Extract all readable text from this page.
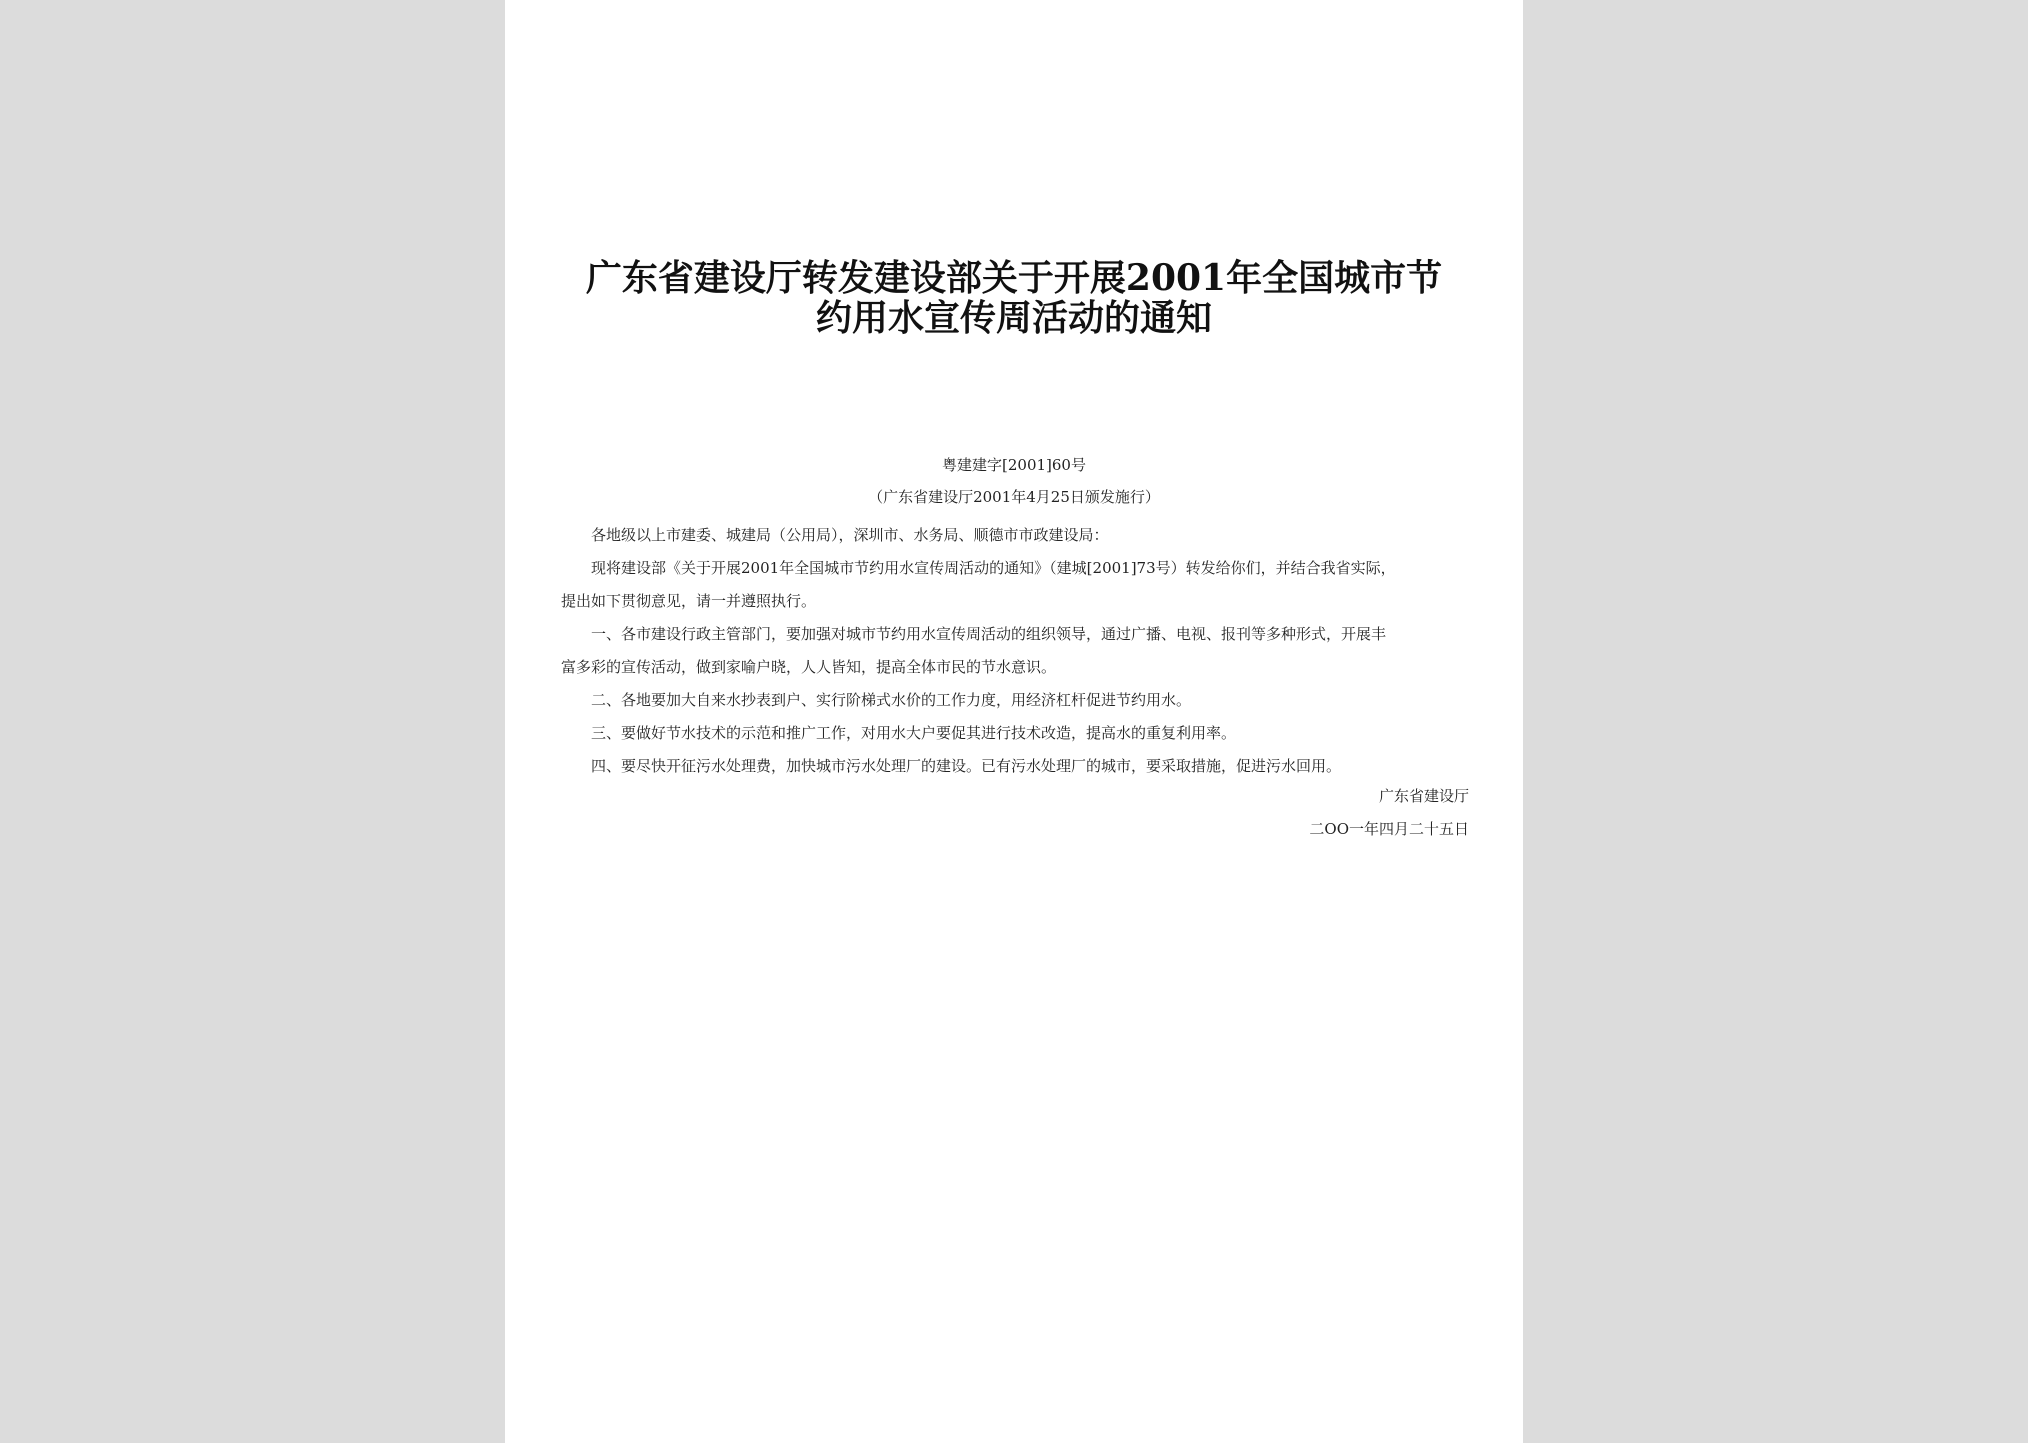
广东省建设厅转发建设部关于开展2001年全国城市节
约用水宣传周活动的通知
粤建建字[2001]60号
（广东省建设厅2001年4月25日颁发施行）
各地级以上市建委、城建局（公用局），深圳市、水务局、顺德市市政建设局：
现将建设部《关于开展2001年全国城市节约用水宣传周活动的通知》（建城[2001]73号）转发给你们，并结合我省实际，
提出如下贯彻意见，请一并遵照执行。
一、各市建设行政主管部门，要加强对城市节约用水宣传周活动的组织领导，通过广播、电视、报刊等多种形式，开展丰
富多彩的宣传活动，做到家喻户晓，人人皆知，提高全体市民的节水意识。
二、各地要加大自来水抄表到户、实行阶梯式水价的工作力度，用经济杠杆促进节约用水。
三、要做好节水技术的示范和推广工作，对用水大户要促其进行技术改造，提高水的重复利用率。
四、要尽快开征污水处理费，加快城市污水处理厂的建设。已有污水处理厂的城市，要采取措施，促进污水回用。
广东省建设厅
二OO一年四月二十五日
